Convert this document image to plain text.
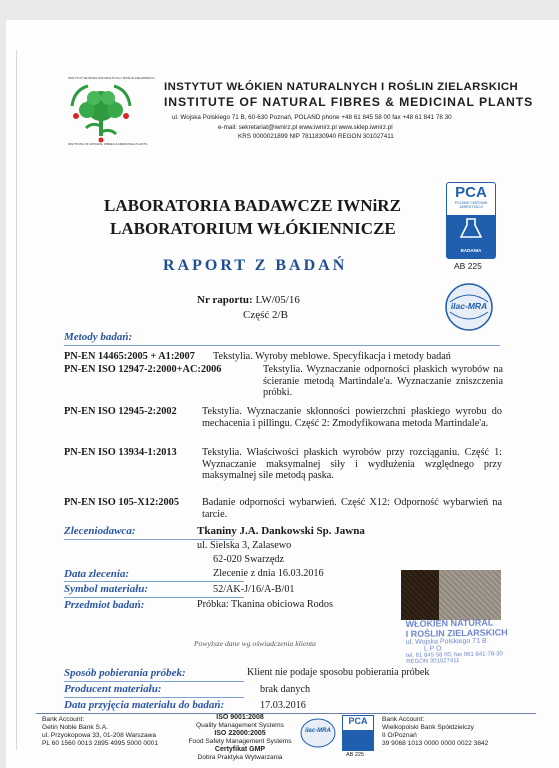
INSTYTUT WŁÓKIEN NATURALNYCH I ROŚLIN ZIELARSKICH
INSTITUTE OF NATURAL FIBRES & MEDICINAL PLANTS
INSTYTUT WŁÓKIEN NATURALNYCH I ROŚLIN ZIELARSKICH
INSTITUTE OF NATURAL FIBRES & MEDICINAL PLANTS
ul. Wojska Polskiego 71 B, 60-630 Poznań, POLAND phone +48 61 845 58 00 fax +48 61 841 78 30
e-mail: sekretariat@iwnirz.pl www.iwnirz.pl www.sklep.iwnirz.pl
KRS 0000021899 NIP 7811830940 REGON 301027411
LABORATORIA BADAWCZE IWNiRZ
LABORATORIUM WŁÓKIENNICZE
RAPORT Z BADAŃ
PCA
POLSKIE CENTRUM
AKREDYTACJI
BADANIA
AB 225
ilac-MRA
Nr raportu: LW/05/16
Część 2/B
Metody badań:
PN-EN 14465:2005 + A1:2007 Tekstylia. Wyroby meblowe. Specyfikacja i metody badań
PN-EN ISO 12947-2:2000+AC:2006	Tekstylia. Wyznaczanie odporności płaskich wyrobów na ścieranie metodą Martindale'a. Wyznaczanie zniszczenia próbki.
PN-EN ISO 12945-2:2002 Tekstylia. Wyznaczanie skłonności powierzchni płaskiego wyrobu do mechacenia i pillingu. Część 2: Zmodyfikowana metoda Martindale'a.
PN-EN ISO 13934-1:2013 Tekstylia. Właściwości płaskich wyrobów przy rozciąganiu. Część 1: Wyznaczanie maksymalnej siły i wydłużenia względnego przy maksymalnej sile metodą paska.
PN-EN ISO 105-X12:2005 Badanie odporności wybarwień. Część X12: Odporność wybarwień na tarcie.
Zleceniodawca:	Tkaniny J.A. Dankowski Sp. Jawna
ul. Sielska 3, Zalasewo
62-020 Swarzędz
Data zlecenia:	Zlecenie z dnia 16.03.2016
Symbol materiału:	52/AK-J/16/A-B/01
Przedmiot badań:	Próbka: Tkanina obiciowa Rodos
Powyższe dane wg oświadczenia klienta
WŁÓKIEN NATURAL
I ROŚLIN ZIELARSKICH
ul. Wojska Polskiego 71 B
L P O
tel. 61 845 58 00, fax 061 841-78-30
REGON 301027411
Sposób pobierania próbek:	Klient nie podaje sposobu pobierania próbek
Producent materiału:	brak danych
Data przyjęcia materiału do badań:	17.03.2016
Bank Account:
Getin Noble Bank S.A.
ul. Przyokopowa 33, 01-208 Warszawa
PL 60 1560 0013 2895 4995 5000 0001
ISO 9001:2008
Quality Management Systems
ISO 22000:2005
Food Safety Management Systems
Certyfikat GMP
Dobra Praktyka Wytwarzania
ilac-MRA
PCA
AB 225
Bank Account:
Wielkopolski Bank Spółdzielczy
II O/Poznań
39 9068 1013 0000 0000 0022 3842
